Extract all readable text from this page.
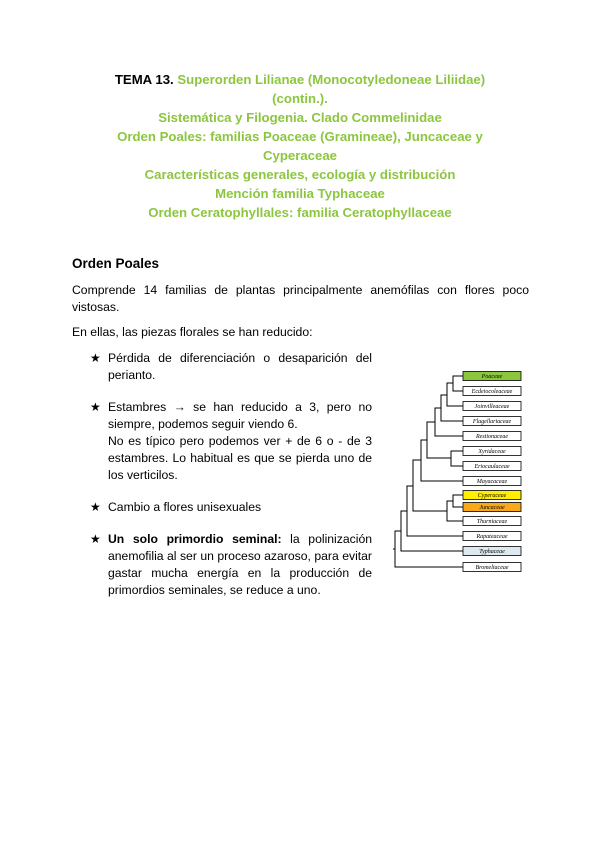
TEMA 13. Superorden Lilianae (Monocotyledoneae Liliidae)
(contin.).
Sistemática y Filogenia. Clado Commelinidae
Orden Poales: familias Poaceae (Gramineae), Juncaceae y
Cyperaceae
Características generales, ecología y distribución
Mención familia Typhaceae
Orden Ceratophyllales: familia Ceratophyllaceae
Orden Poales
Comprende 14 familias de plantas principalmente anemófilas con flores poco vistosas.
En ellas, las piezas florales se han reducido:
★ Pérdida de diferenciación o desaparición del perianto.
★ Estambres → se han reducido a 3, pero no siempre, podemos seguir viendo 6.
No es típico pero podemos ver + de 6 o - de 3 estambres. Lo habitual es que se pierda uno de los verticilos.
★ Cambio a flores unisexuales
★ Un solo primordio seminal: la polinización anemofilia al ser un proceso azaroso, para evitar gastar mucha energía en la producción de primordios seminales, se reduce a uno.
Poaceae
Ecdeiocoleaceae
Joinvilleaceae
Flagellariaceae
Restionaceae
Xyridaceae
Eriocaulaceae
Mayacaceae
Cyperaceae
Juncaceae
Thurniaceae
Rapateaceae
Typhaceae
Bromeliaceae
